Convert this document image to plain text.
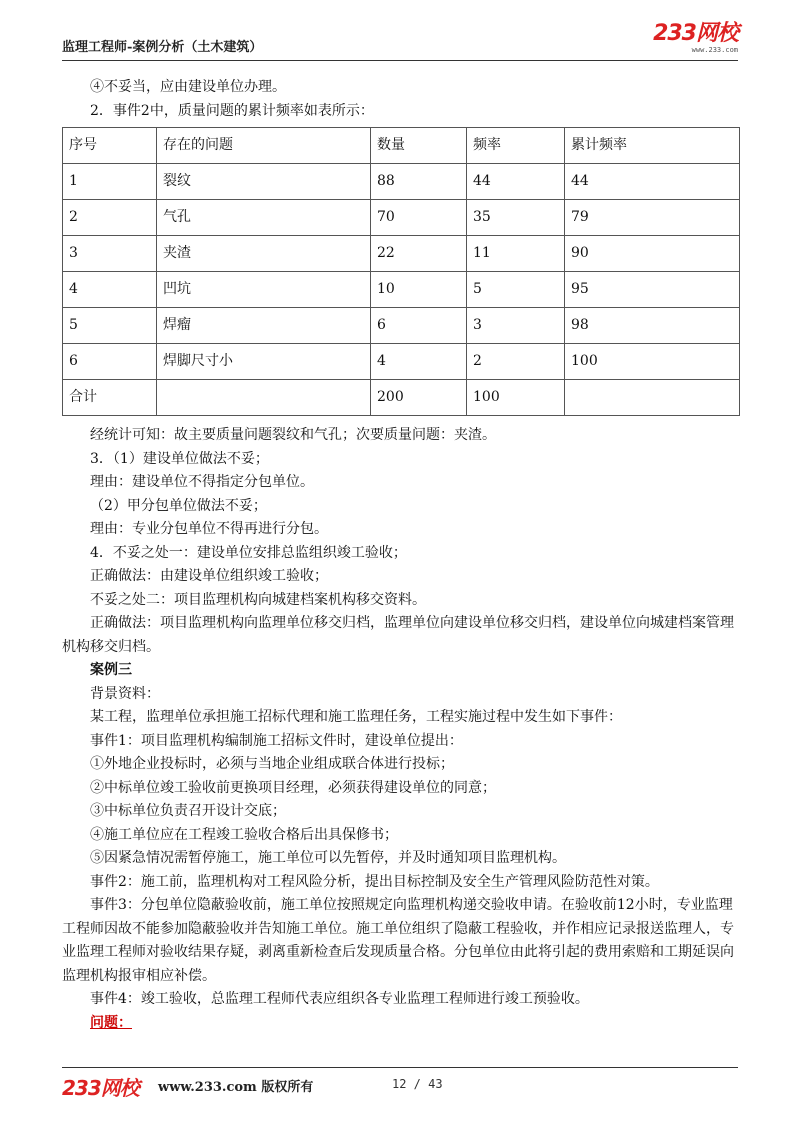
监理工程师-案例分析（土木建筑）
233网校
www.233.com

④不妥当，应由建设单位办理。

2．事件2中，质量问题的累计频率如表所示：

序号	存在的问题	数量	频率	累计频率
1	裂纹	88	44	44
2	气孔	70	35	79
3	夹渣	22	11	90
4	凹坑	10	5	95
5	焊瘤	6	3	98
6	焊脚尺寸小	4	2	100
合计		200	100	

经统计可知：故主要质量问题裂纹和气孔；次要质量问题：夹渣。

3．（1）建设单位做法不妥；

理由：建设单位不得指定分包单位。

（2）甲分包单位做法不妥；

理由：专业分包单位不得再进行分包。

4．不妥之处一：建设单位安排总监组织竣工验收；

正确做法：由建设单位组织竣工验收；

不妥之处二：项目监理机构向城建档案机构移交资料。

正确做法：项目监理机构向监理单位移交归档，监理单位向建设单位移交归档，建设单位向城建档案管理机构移交归档。

案例三

背景资料：

某工程，监理单位承担施工招标代理和施工监理任务，工程实施过程中发生如下事件：

事件1：项目监理机构编制施工招标文件时，建设单位提出：

①外地企业投标时，必须与当地企业组成联合体进行投标；

②中标单位竣工验收前更换项目经理，必须获得建设单位的同意；

③中标单位负责召开设计交底；

④施工单位应在工程竣工验收合格后出具保修书；

⑤因紧急情况需暂停施工，施工单位可以先暂停，并及时通知项目监理机构。

事件2：施工前，监理机构对工程风险分析，提出目标控制及安全生产管理风险防范性对策。

事件3：分包单位隐蔽验收前，施工单位按照规定向监理机构递交验收申请。在验收前12小时，专业监理工程师因故不能参加隐蔽验收并告知施工单位。施工单位组织了隐蔽工程验收，并作相应记录报送监理人，专业监理工程师对验收结果存疑，剥离重新检查后发现质量合格。分包单位由此将引起的费用索赔和工期延误向监理机构报审相应补偿。

事件4：竣工验收，总监理工程师代表应组织各专业监理工程师进行竣工预验收。

问题：

233网校 www.233.com 版权所有	12 / 43
